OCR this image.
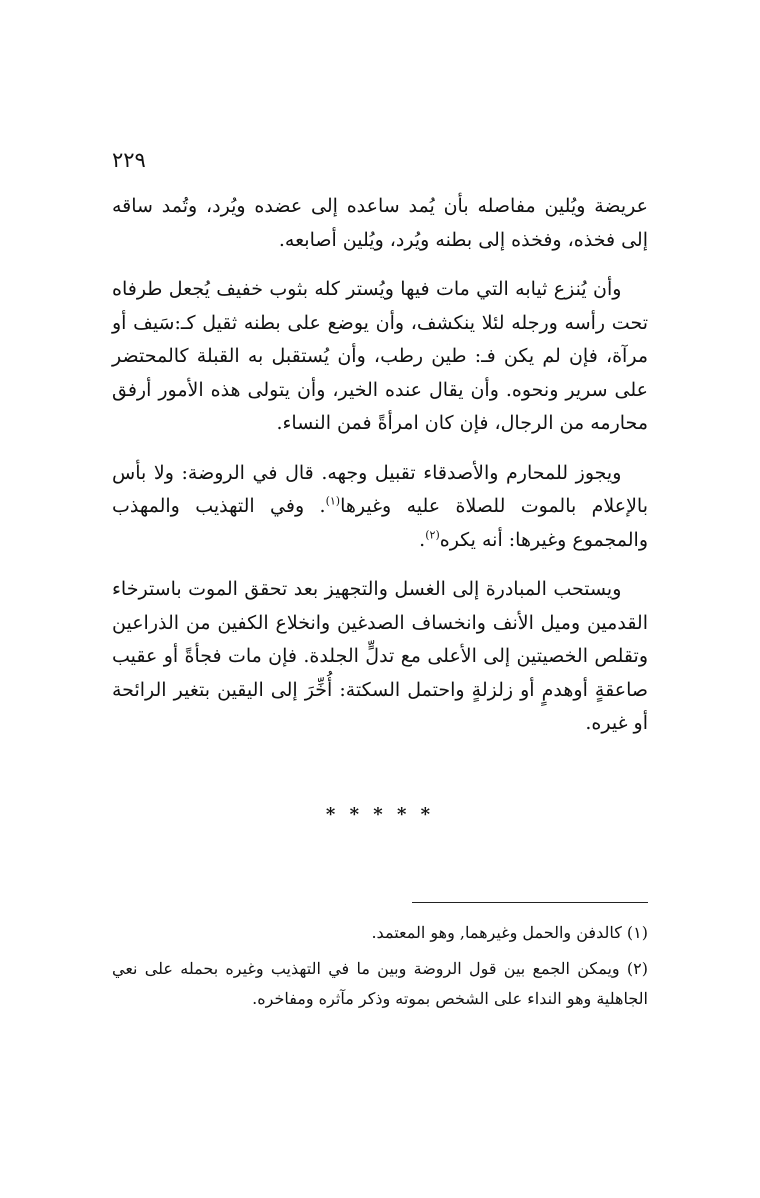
٢٢٩

عريضة ويُلين مفاصله بأن يُمد ساعده إلى عضده ويُرد، وتُمد ساقه إلى فخذه، وفخذه إلى بطنه ويُرد، ويُلين أصابعه.

وأن يُنزع ثيابه التي مات فيها ويُستر كله بثوب خفيف يُجعل طرفاه تحت رأسه ورجله لئلا ينكشف، وأن يوضع على بطنه ثقيل كـ:سَيف أو مرآة، فإن لم يكن فـ: طين رطب، وأن يُستقبل به القبلة كالمحتضر على سرير ونحوه. وأن يقال عنده الخير، وأن يتولى هذه الأمور أرفق محارمه من الرجال، فإن كان امرأةً فمن النساء.

ويجوز للمحارم والأصدقاء تقبيل وجهه. قال في الروضة: ولا بأس بالإعلام بالموت للصلاة عليه وغيرها$^{(١)}$. وفي التهذيب والمهذب والمجموع وغيرها: أنه يكره$^{(٢)}$.

ويستحب المبادرة إلى الغسل والتجهيز بعد تحقق الموت باسترخاء القدمين وميل الأنف وانخساف الصدغين وانخلاع الكفين من الذراعين وتقلص الخصيتين إلى الأعلى مع تدلٍّ الجلدة. فإن مات فجأةً أو عقيب صاعقةٍ أوهدمٍ أو زلزلةٍ واحتمل السكتة: أُخِّرَ إلى اليقين بتغير الرائحة أو غيره.

* * * * *

(١) كالدفن والحمل وغيرهما, وهو المعتمد.

(٢) ويمكن الجمع بين قول الروضة وبين ما في التهذيب وغيره بحمله على نعي الجاهلية وهو النداء على الشخص بموته وذكر مآثره ومفاخره.
